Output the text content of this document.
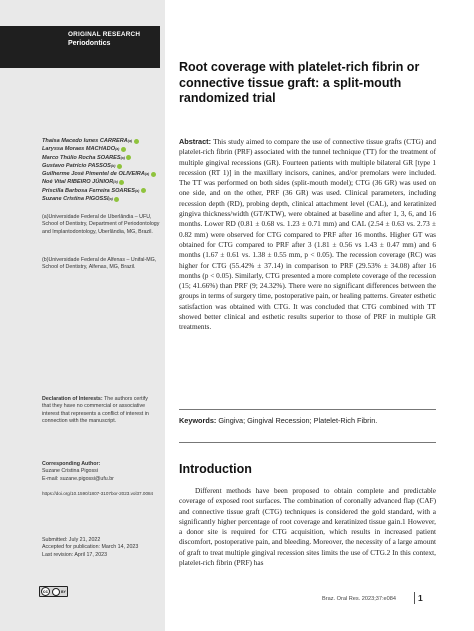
ORIGINAL RESEARCH
Periodontics
Thaisa Macedo Iunes CARRERA (a)
Laryssa Moraes MACHADO (a)
Marco Thúlio Rocha SOARES (a)
Gustavo Patrício PASSOS (b)
Guilherme José Pimentel de OLIVEIRA (a)
Noé Vital RIBEIRO JÚNIOR (b)
Priscilla Barbosa Ferreira SOARES (a)
Suzane Cristina PIGOSSI (a)
(a)Universidade Federal de Uberlândia – UFU, School of Dentistry, Department of Periodontology and Implantodontology, Uberlândia, MG, Brazil.
(b)Universidade Federal de Alfenas – Unifal-MG, School of Dentistry, Alfenas, MG, Brazil.
Declaration of Interests: The authors certify that they have no commercial or associative interest that represents a conflict of interest in connection with the manuscript.
Corresponding Author:
Suzane Cristina Pigossi
E-mail: suzane.pigossi@ufu.br
https://doi.org/10.1590/1807-3107bor-2023.vol37.0084
Submitted: July 21, 2022
Accepted for publication: March 14, 2023
Last revision: April 17, 2023
cc	BY
Root coverage with platelet-rich fibrin or connective tissue graft: a split-mouth randomized trial
Abstract: This study aimed to compare the use of connective tissue grafts (CTG) and platelet-rich fibrin (PRF) associated with the tunnel technique (TT) for the treatment of multiple gingival recessions (GR). Fourteen patients with multiple bilateral GR [type 1 recession (RT 1)] in the maxillary incisors, canines, and/or premolars were included. The TT was performed on both sides (split-mouth model); CTG (36 GR) was used on one side, and on the other, PRF (36 GR) was used. Clinical parameters, including recession depth (RD), probing depth, clinical attachment level (CAL), and keratinized gingiva thickness/width (GT/KTW), were obtained at baseline and after 1, 3, 6, and 16 months. Lower RD (0.81 ± 0.68 vs. 1.23 ± 0.71 mm) and CAL (2.54 ± 0.63 vs. 2.73 ± 0.82 mm) were observed for CTG compared to PRF after 16 months. Higher GT was obtained for CTG compared to PRF after 3 (1.81 ± 0.56 vs 1.43 ± 0.47 mm) and 6 months (1.67 ± 0.61 vs. 1.38 ± 0.55 mm, p < 0.05). The recession coverage (RC) was higher for CTG (55.42% ± 37.14) in comparison to PRF (29.53% ± 34.08) after 16 months (p < 0.05). Similarly, CTG presented a more complete coverage of the recession (15; 41.66%) than PRF (9; 24.32%). There were no significant differences between the groups in terms of surgery time, postoperative pain, or healing patterns. Greater esthetic satisfaction was obtained with CTG. It was concluded that CTG combined with TT showed better clinical and esthetic results superior to those of PRF in multiple GR treatments.
Keywords: Gingiva; Gingival Recession; Platelet-Rich Fibrin.
Introduction
Different methods have been proposed to obtain complete and predictable coverage of exposed root surfaces. The combination of coronally advanced flap (CAF) and connective tissue graft (CTG) techniques is considered the gold standard, with a significantly higher percentage of root coverage and keratinized tissue gain.1 However, a donor site is required for CTG acquisition, which results in increased patient discomfort, postoperative pain, and bleeding. Moreover, the necessity of a large amount of graft to treat multiple gingival recession sites limits the use of CTG.2 In this context, platelet-rich fibrin (PRF) has
Braz. Oral Res. 2023;37:e084	1
